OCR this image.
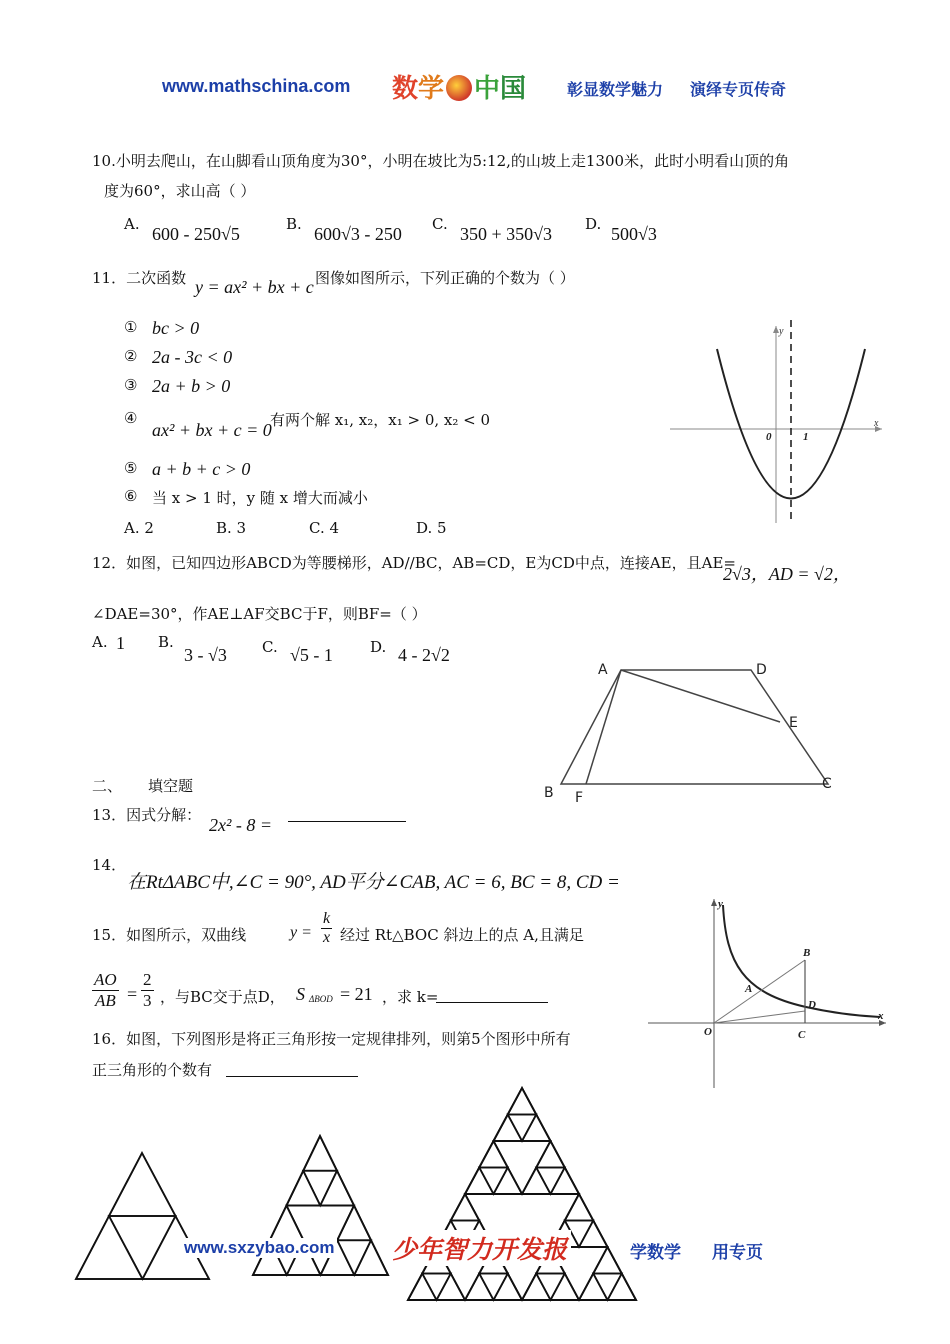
www.mathschina.com 数学 中国	彰显数学魅力 演绎专页传奇
10.小明去爬山，在山脚看山顶角度为30°，小明在坡比为5:12,的山坡上走1300米，此时小明看山顶的角
度为60°，求山高（ ）
A. 600 - 250√5	B. 600√3 - 250 C. 350 + 350√3 D. 500√3
11．二次函数 y = ax² + bx + c 图像如图所示，下列正确的个数为（ ）
① bc > 0
② 2a - 3c < 0
③ 2a + b > 0
④
ax² + bx + c = 0
有两个解 x₁, x₂，x₁ > 0, x₂ < 0
⑤ a + b + c > 0
⑥ 当 x > 1 时，y 随 x 增大而减小
A. 2	B. 3	C. 4	D. 5
x
y
0	1
12．如图，已知四边形ABCD为等腰梯形，AD//BC，AB=CD，E为CD中点，连接AE，且AE=
2√3，AD = √2，
∠DAE=30°，作AE⊥AF交BC于F，则BF=（ ）
A. 1 B.
3 - √3 C. √5 - 1 D. 4 - 2√2
A	D
E
B F
C
二、 填空题
13．因式分解： 2x² - 8 =
14．
在RtΔABC中,∠C = 90°, AD平分∠CAB, AC = 6, BC = 8, CD =
15．如图所示，双曲线	$y = \frac{k}{x}$ 经过 Rt△BOC 斜边上的点 A,且满足
$\frac{AO}{AB} = \frac{2}{3}$ ，与BC交于点D， S ΔBOD = 21 ，求 k=
y
B
A
D
O	C
x
16．如图，下列图形是将正三角形按一定规律排列，则第5个图形中所有
正三角形的个数有
www.sxzybao.com 少年智力开发报	学数学 用专页
